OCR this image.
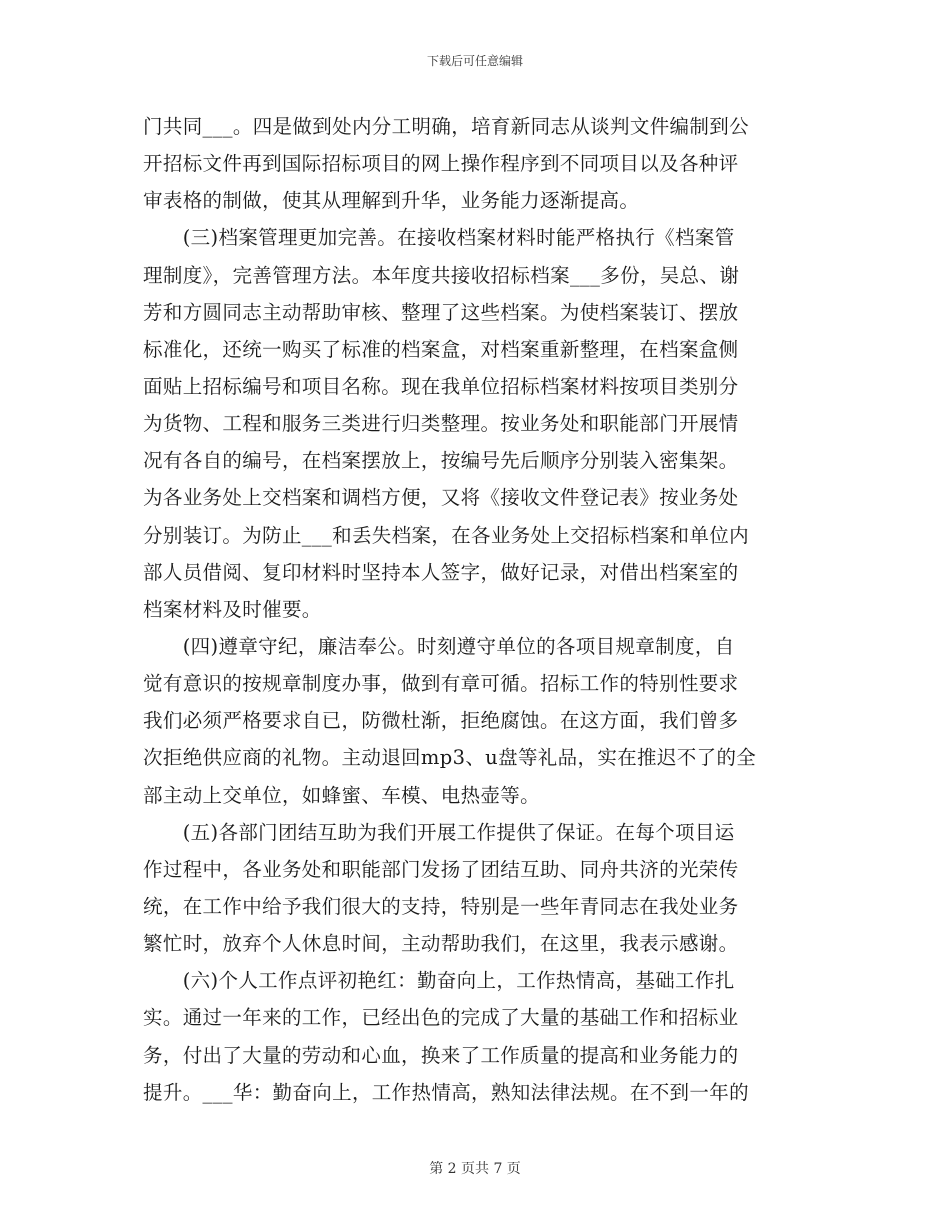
下载后可任意编辑
门共同___。四是做到处内分工明确，培育新同志从谈判文件编制到公
开招标文件再到国际招标项目的网上操作程序到不同项目以及各种评
审表格的制做，使其从理解到升华，业务能力逐渐提高。
　　(三)档案管理更加完善。在接收档案材料时能严格执行《档案管
理制度》，完善管理方法。本年度共接收招标档案___多份，吴总、谢
芳和方圆同志主动帮助审核、整理了这些档案。为使档案装订、摆放
标准化，还统一购买了标准的档案盒，对档案重新整理，在档案盒侧
面贴上招标编号和项目名称。现在我单位招标档案材料按项目类别分
为货物、工程和服务三类进行归类整理。按业务处和职能部门开展情
况有各自的编号，在档案摆放上，按编号先后顺序分别装入密集架。
为各业务处上交档案和调档方便，又将《接收文件登记表》按业务处
分别装订。为防止___和丢失档案，在各业务处上交招标档案和单位内
部人员借阅、复印材料时坚持本人签字，做好记录，对借出档案室的
档案材料及时催要。
　　(四)遵章守纪，廉洁奉公。时刻遵守单位的各项目规章制度，自
觉有意识的按规章制度办事，做到有章可循。招标工作的特别性要求
我们必须严格要求自已，防微杜渐，拒绝腐蚀。在这方面，我们曾多
次拒绝供应商的礼物。主动退回mp3、u盘等礼品，实在推迟不了的全
部主动上交单位，如蜂蜜、车模、电热壶等。
　　(五)各部门团结互助为我们开展工作提供了保证。在每个项目运
作过程中，各业务处和职能部门发扬了团结互助、同舟共济的光荣传
统，在工作中给予我们很大的支持，特别是一些年青同志在我处业务
繁忙时，放弃个人休息时间，主动帮助我们，在这里，我表示感谢。
　　(六)个人工作点评初艳红：勤奋向上，工作热情高，基础工作扎
实。通过一年来的工作，已经出色的完成了大量的基础工作和招标业
务，付出了大量的劳动和心血，换来了工作质量的提高和业务能力的
提升。___华：勤奋向上，工作热情高，熟知法律法规。在不到一年的
第 2 页共 7 页
